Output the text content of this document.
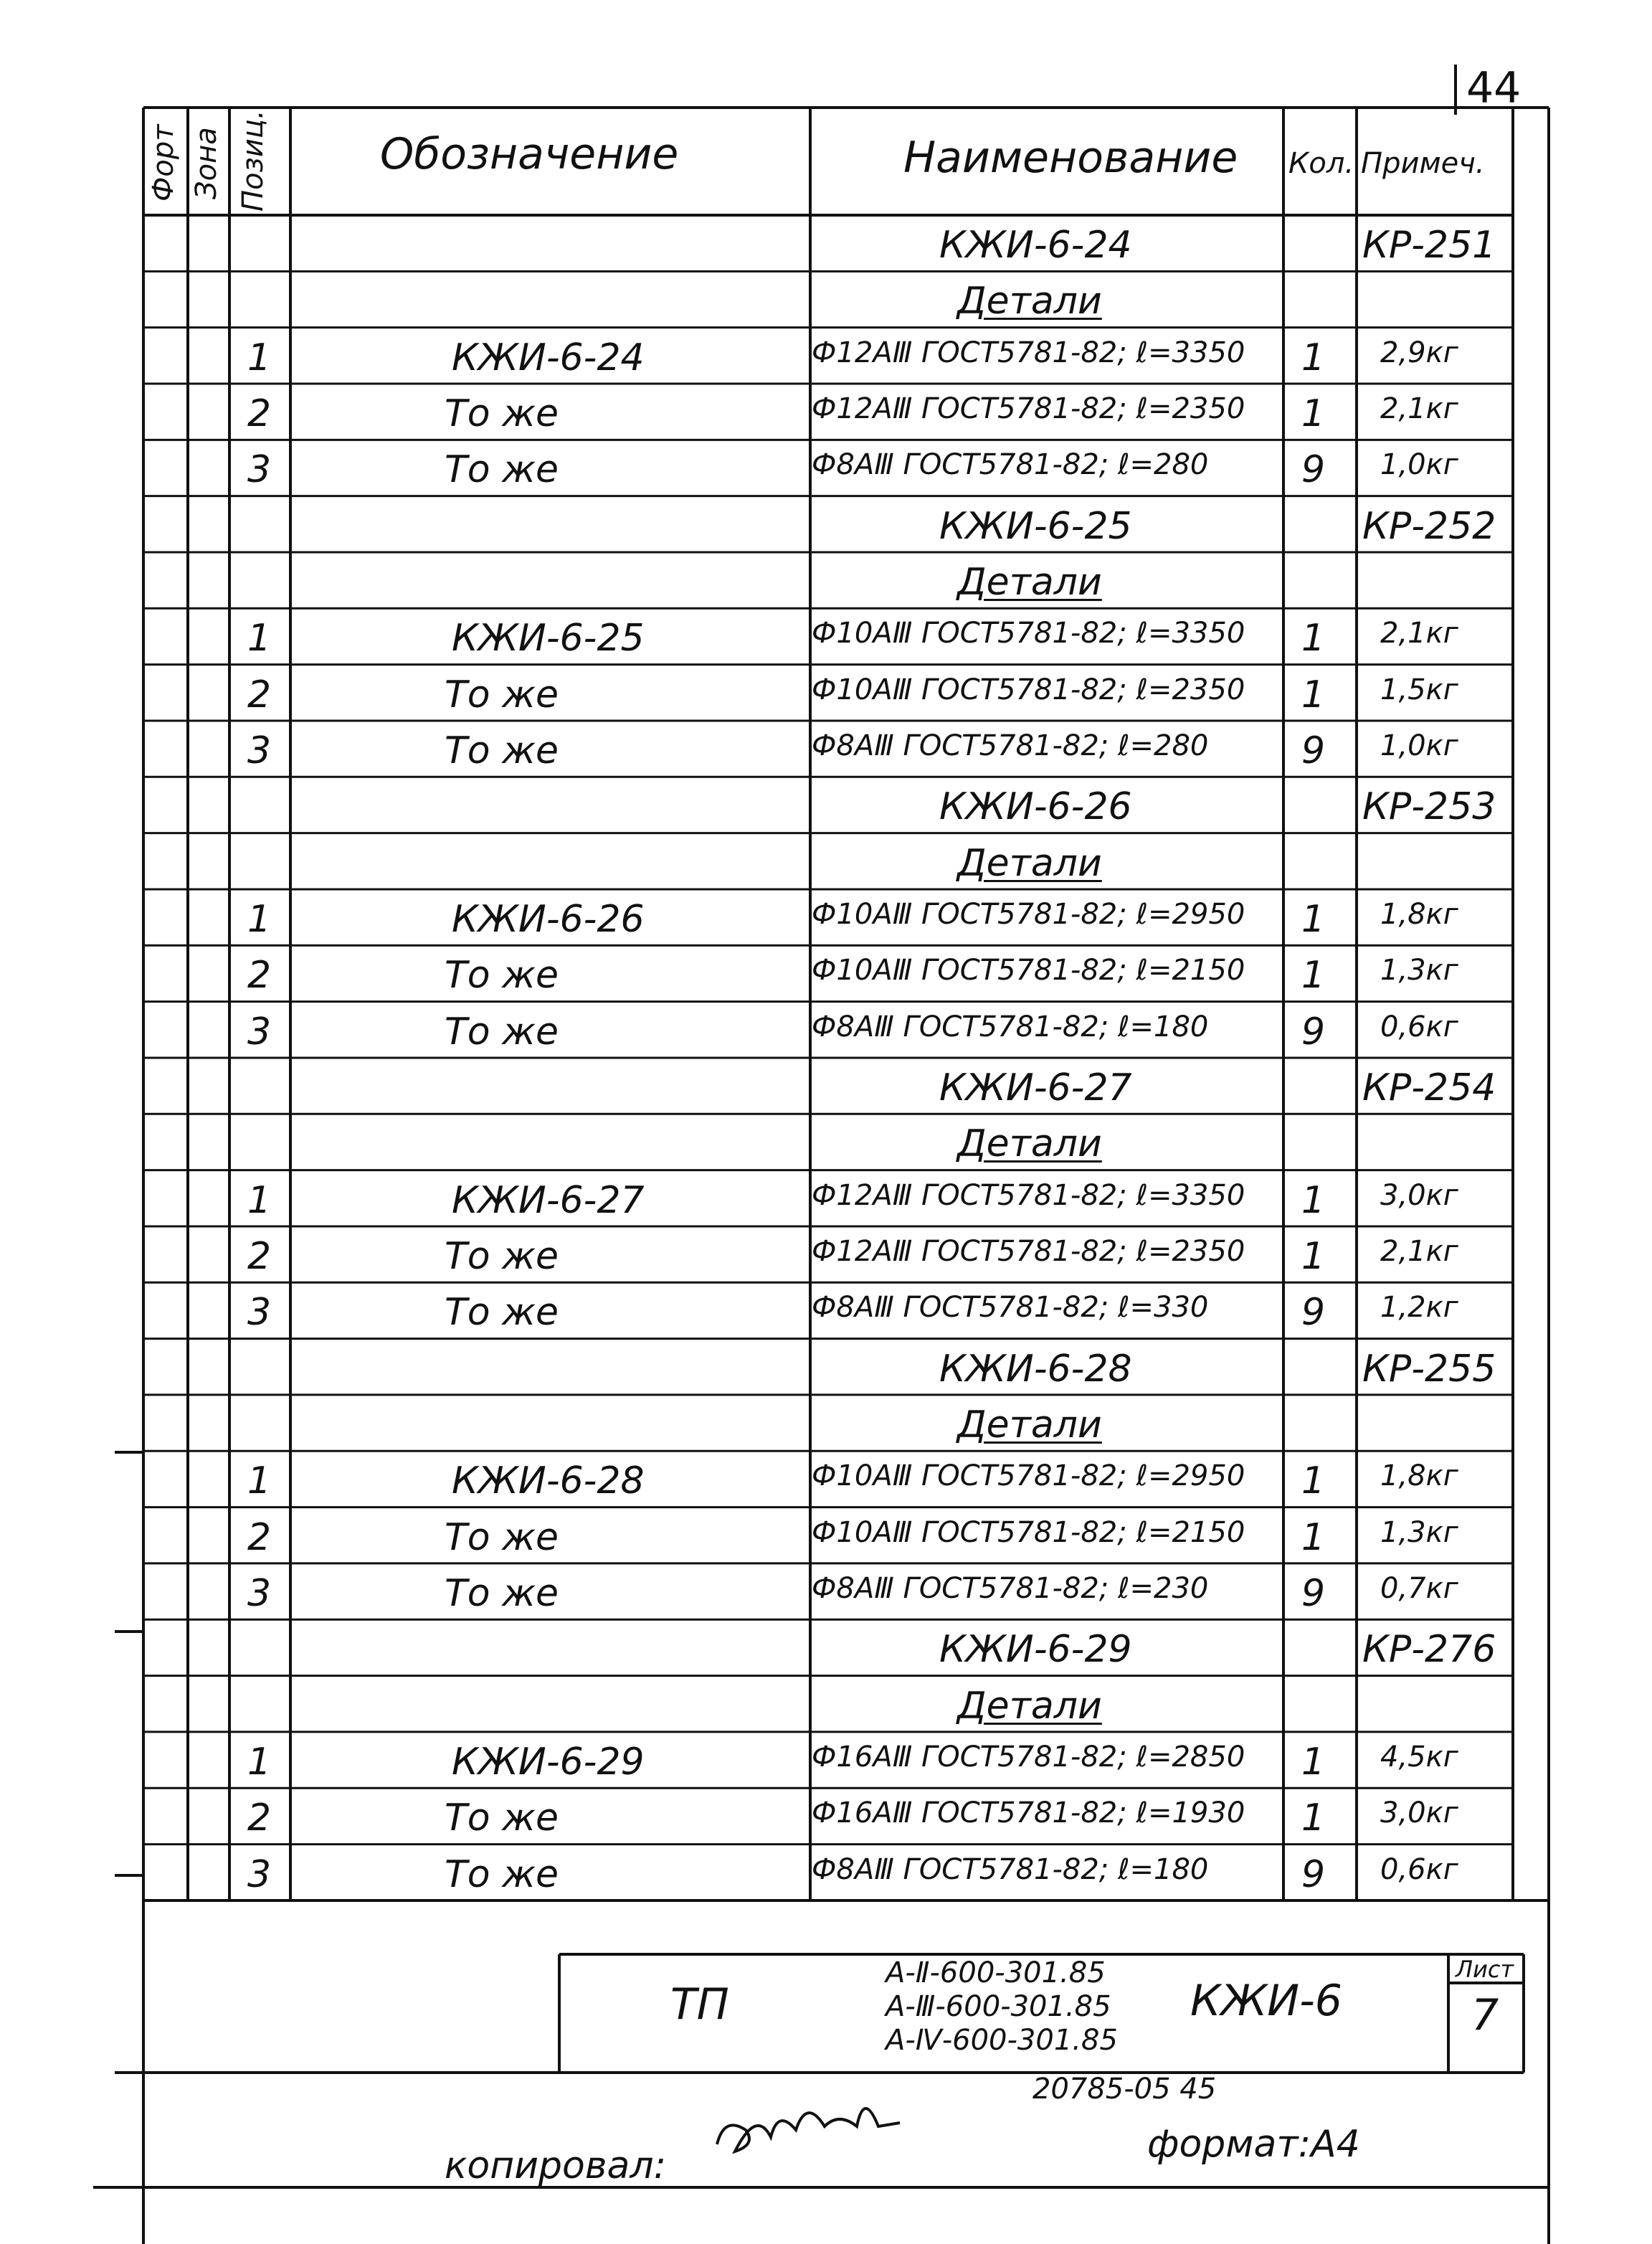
44
Форт Зона Позиц.	Обозначение	Наименование Кол. Примеч.
КЖИ-6-24	КР-251
Детали
1	КЖИ-6-24	Ф12АⅢ ГОСТ5781-82; ℓ=3350 1 2,9кг
2	То же	Ф12АⅢ ГОСТ5781-82; ℓ=2350 1 2,1кг
3	То же	Ф8АⅢ ГОСТ5781-82; ℓ=280 9 1,0кг
КЖИ-6-25	КР-252
Детали
1	КЖИ-6-25	Ф10АⅢ ГОСТ5781-82; ℓ=3350 1 2,1кг
2	То же	Ф10АⅢ ГОСТ5781-82; ℓ=2350 1 1,5кг
3	То же	Ф8АⅢ ГОСТ5781-82; ℓ=280 9 1,0кг
КЖИ-6-26	КР-253
Детали
1	КЖИ-6-26	Ф10АⅢ ГОСТ5781-82; ℓ=2950 1 1,8кг
2	То же	Ф10АⅢ ГОСТ5781-82; ℓ=2150 1 1,3кг
3	То же	Ф8АⅢ ГОСТ5781-82; ℓ=180 9 0,6кг
КЖИ-6-27	КР-254
Детали
1	КЖИ-6-27	Ф12АⅢ ГОСТ5781-82; ℓ=3350 1 3,0кг
2	То же	Ф12АⅢ ГОСТ5781-82; ℓ=2350 1 2,1кг
3	То же	Ф8АⅢ ГОСТ5781-82; ℓ=330 9 1,2кг
КЖИ-6-28	КР-255
Детали
1	КЖИ-6-28	Ф10АⅢ ГОСТ5781-82; ℓ=2950 1 1,8кг
2	То же	Ф10АⅢ ГОСТ5781-82; ℓ=2150 1 1,3кг
3	То же	Ф8АⅢ ГОСТ5781-82; ℓ=230 9 0,7кг
КЖИ-6-29	КР-276
Детали
1	КЖИ-6-29	Ф16АⅢ ГОСТ5781-82; ℓ=2850 1 4,5кг
2	То же	Ф16АⅢ ГОСТ5781-82; ℓ=1930 1 3,0кг
3	То же	Ф8АⅢ ГОСТ5781-82; ℓ=180 9 0,6кг
ТП
А-Ⅱ-600-301.85
А-Ⅲ-600-301.85
А-Ⅳ-600-301.85
КЖИ-6
Лист
7
20785-05 45
копировал:	формат:А4
